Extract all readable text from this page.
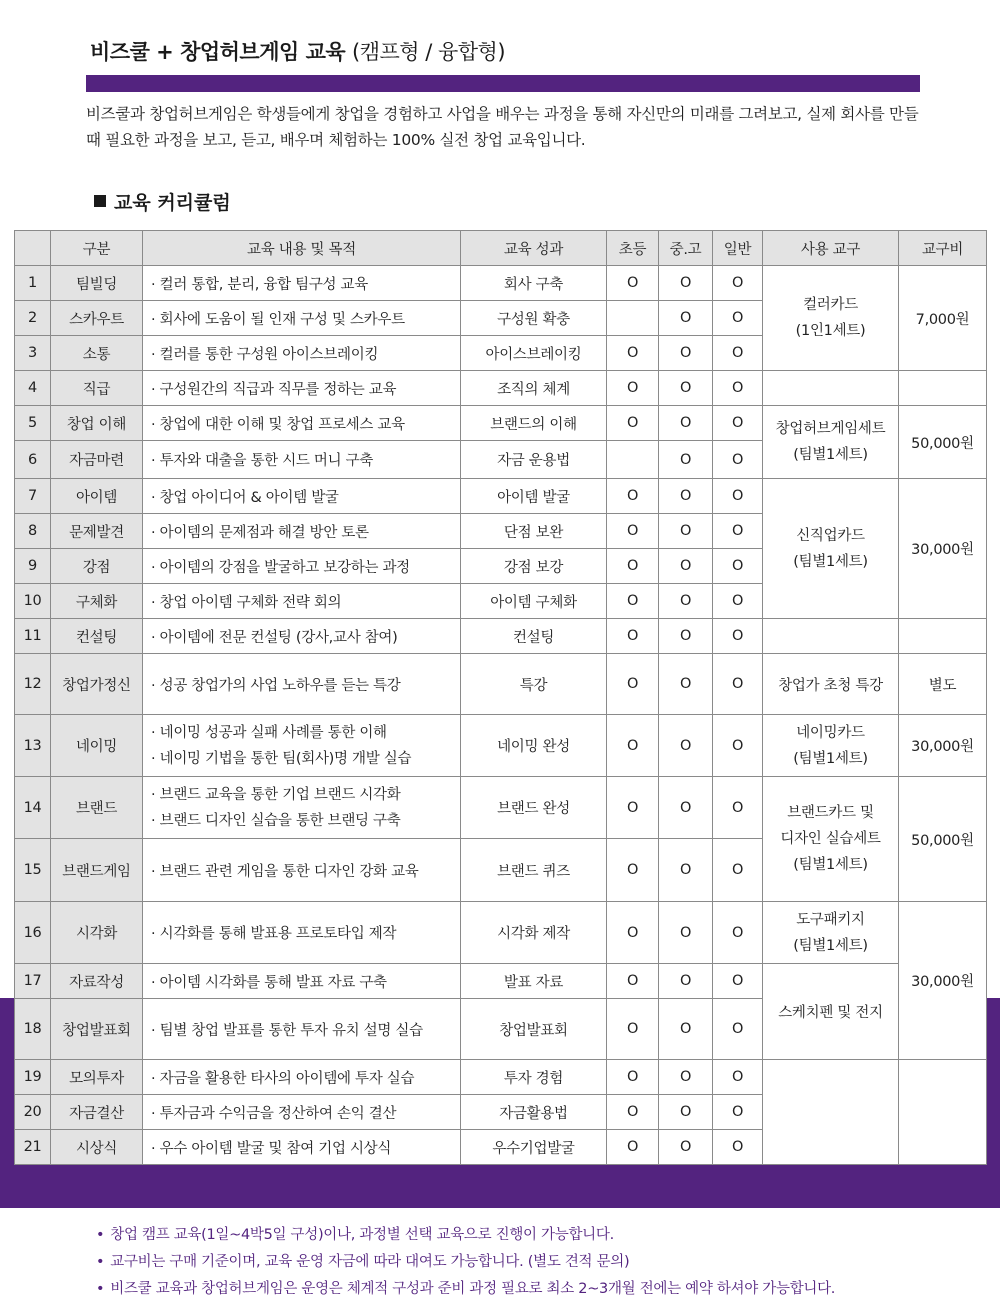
비즈쿨 + 창업허브게임 교육 (캠프형 / 융합형)
비즈쿨과 창업허브게임은 학생들에게 창업을 경험하고 사업을 배우는 과정을 통해 자신만의 미래를 그려보고, 실제 회사를 만들때 필요한 과정을 보고, 듣고, 배우며 체험하는 100% 실전 창업 교육입니다.
교육 커리큘럼
	구분	교육 내용 및 목적	교육 성과	초등	중.고	일반	사용 교구	교구비
1	팀빌딩	· 컬러 통합, 분리, 융합 팀구성 교육	회사 구축	O	O	O	컬러카드
(1인1세트)	7,000원
2	스카우트	· 회사에 도움이 될 인재 구성 및 스카우트	구성원 확충		O	O		
3	소통	· 컬러를 통한 구성원 아이스브레이킹	아이스브레이킹	O	O	O		
4	직급	· 구성원간의 직급과 직무를 정하는 교육	조직의 체계	O	O	O		
5	창업 이해	· 창업에 대한 이해 및 창업 프로세스 교육	브랜드의 이해	O	O	O	창업허브게임세트
(팀별1세트)	50,000원
6	자금마련	· 투자와 대출을 통한 시드 머니 구축	자금 운용법		O	O		
7	아이템	· 창업 아이디어 & 아이템 발굴	아이템 발굴	O	O	O	신직업카드
(팀별1세트)	30,000원
8	문제발견	· 아이템의 문제점과 해결 방안 토론	단점 보완	O	O	O		
9	강점	· 아이템의 강점을 발굴하고 보강하는 과정	강점 보강	O	O	O		
10	구체화	· 창업 아이템 구체화 전략 회의	아이템 구체화	O	O	O		
11	컨설팅	· 아이템에 전문 컨설팅 (강사,교사 참여)	컨설팅	O	O	O		
12	창업가정신	· 성공 창업가의 사업 노하우를 듣는 특강	특강	O	O	O	창업가 초청 특강	별도
13	네이밍	· 네이밍 성공과 실패 사례를 통한 이해
· 네이밍 기법을 통한 팀(회사)명 개발 실습	네이밍 완성	O	O	O	네이밍카드
(팀별1세트)	30,000원
14	브랜드	· 브랜드 교육을 통한 기업 브랜드 시각화
· 브랜드 디자인 실습을 통한 브랜딩 구축	브랜드 완성	O	O	O	브랜드카드 및
디자인 실습세트
(팀별1세트)	50,000원
15	브랜드게임	· 브랜드 관련 게임을 통한 디자인 강화 교육	브랜드 퀴즈	O	O	O		
16	시각화	· 시각화를 통해 발표용 프로토타입 제작	시각화 제작	O	O	O	도구패키지
(팀별1세트)	30,000원
17	자료작성	· 아이템 시각화를 통해 발표 자료 구축	발표 자료	O	O	O	스케치펜 및 전지	
18	창업발표회	· 팀별 창업 발표를 통한 투자 유치 설명 실습	창업발표회	O	O	O		
19	모의투자	· 자금을 활용한 타사의 아이템에 투자 실습	투자 경험	O	O	O		
20	자금결산	· 투자금과 수익금을 정산하여 손익 결산	자금활용법	O	O	O		
21	시상식	· 우수 아이템 발굴 및 참여 기업 시상식	우수기업발굴	O	O	O		
• 창업 캠프 교육(1일~4박5일 구성)이나, 과정별 선택 교육으로 진행이 가능합니다.
• 교구비는 구매 기준이며, 교육 운영 자금에 따라 대여도 가능합니다. (별도 견적 문의)
• 비즈쿨 교육과 창업허브게임은 운영은 체계적 구성과 준비 과정 필요로 최소 2~3개월 전에는 예약 하셔야 가능합니다.
